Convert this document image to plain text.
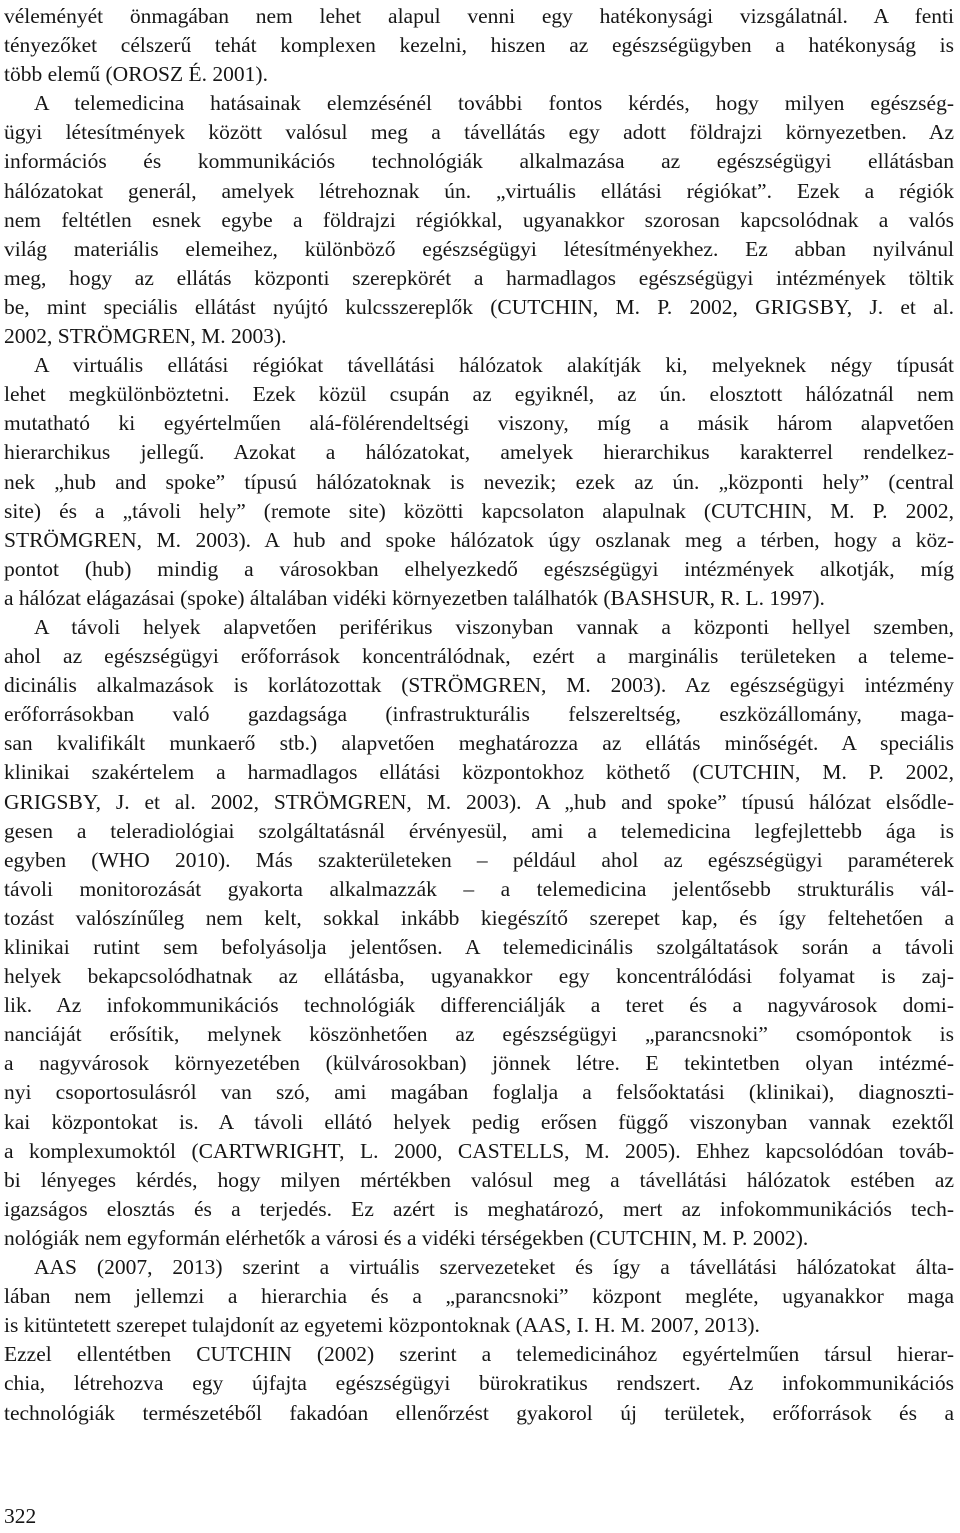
véleményét önmagában nem lehet alapul venni egy hatékonysági vizsgálatnál. A fenti
tényezőket célszerű tehát komplexen kezelni, hiszen az egészségügyben a hatékonyság is
több elemű (OROSZ É. 2001).
A telemedicina hatásainak elemzésénél további fontos kérdés, hogy milyen egészség-
ügyi létesítmények között valósul meg a távellátás egy adott földrajzi környezetben. Az
információs és kommunikációs technológiák alkalmazása az egészségügyi ellátásban
hálózatokat generál, amelyek létrehoznak ún. „virtuális ellátási régiókat”. Ezek a régiók
nem feltétlen esnek egybe a földrajzi régiókkal, ugyanakkor szorosan kapcsolódnak a valós
világ materiális elemeihez, különböző egészségügyi létesítményekhez. Ez abban nyilvánul
meg, hogy az ellátás központi szerepkörét a harmadlagos egészségügyi intézmények töltik
be, mint speciális ellátást nyújtó kulcsszereplők (CUTCHIN, M. P. 2002, GRIGSBY, J. et al.
2002, STRÖMGREN, M. 2003).
A virtuális ellátási régiókat távellátási hálózatok alakítják ki, melyeknek négy típusát
lehet megkülönböztetni. Ezek közül csupán az egyiknél, az ún. elosztott hálózatnál nem
mutatható ki egyértelműen alá-fölérendeltségi viszony, míg a másik három alapvetően
hierarchikus jellegű. Azokat a hálózatokat, amelyek hierarchikus karakterrel rendelkez-
nek „hub and spoke” típusú hálózatoknak is nevezik; ezek az ún. „központi hely” (central
site) és a „távoli hely” (remote site) közötti kapcsolaton alapulnak (CUTCHIN, M. P. 2002,
STRÖMGREN, M. 2003). A hub and spoke hálózatok úgy oszlanak meg a térben, hogy a köz-
pontot (hub) mindig a városokban elhelyezkedő egészségügyi intézmények alkotják, míg
a hálózat elágazásai (spoke) általában vidéki környezetben találhatók (BASHSUR, R. L. 1997).
A távoli helyek alapvetően periférikus viszonyban vannak a központi hellyel szemben,
ahol az egészségügyi erőforrások koncentrálódnak, ezért a marginális területeken a teleme-
dicinális alkalmazások is korlátozottak (STRÖMGREN, M. 2003). Az egészségügyi intézmény
erőforrásokban való gazdagsága (infrastrukturális felszereltség, eszközállomány, maga-
san kvalifikált munkaerő stb.) alapvetően meghatározza az ellátás minőségét. A speciális
klinikai szakértelem a harmadlagos ellátási központokhoz köthető (CUTCHIN, M. P. 2002,
GRIGSBY, J. et al. 2002, STRÖMGREN, M. 2003). A „hub and spoke” típusú hálózat elsődle-
gesen a teleradiológiai szolgáltatásnál érvényesül, ami a telemedicina legfejlettebb ága is
egyben (WHO 2010). Más szakterületeken – például ahol az egészségügyi paraméterek
távoli monitorozását gyakorta alkalmazzák – a telemedicina jelentősebb strukturális vál-
tozást valószínűleg nem kelt, sokkal inkább kiegészítő szerepet kap, és így feltehetően a
klinikai rutint sem befolyásolja jelentősen. A telemedicinális szolgáltatások során a távoli
helyek bekapcsolódhatnak az ellátásba, ugyanakkor egy koncentrálódási folyamat is zaj-
lik. Az infokommunikációs technológiák differenciálják a teret és a nagyvárosok domi-
nanciáját erősítik, melynek köszönhetően az egészségügyi „parancsnoki” csomópontok is
a nagyvárosok környezetében (külvárosokban) jönnek létre. E tekintetben olyan intézmé-
nyi csoportosulásról van szó, ami magában foglalja a felsőoktatási (klinikai), diagnoszti-
kai központokat is. A távoli ellátó helyek pedig erősen függő viszonyban vannak ezektől
a komplexumoktól (CARTWRIGHT, L. 2000, CASTELLS, M. 2005). Ehhez kapcsolódóan továb-
bi lényeges kérdés, hogy milyen mértékben valósul meg a távellátási hálózatok estében az
igazságos elosztás és a terjedés. Ez azért is meghatározó, mert az infokommunikációs tech-
nológiák nem egyformán elérhetők a városi és a vidéki térségekben (CUTCHIN, M. P. 2002).
AAS (2007, 2013) szerint a virtuális szervezeteket és így a távellátási hálózatokat álta-
lában nem jellemzi a hierarchia és a „parancsnoki” központ megléte, ugyanakkor maga
is kitüntetett szerepet tulajdonít az egyetemi központoknak (AAS, I. H. M. 2007, 2013).
Ezzel ellentétben CUTCHIN (2002) szerint a telemedicinához egyértelműen társul hierar-
chia, létrehozva egy újfajta egészségügyi bürokratikus rendszert. Az infokommunikációs
technológiák természetéből fakadóan ellenőrzést gyakorol új területek, erőforrások és a
322
